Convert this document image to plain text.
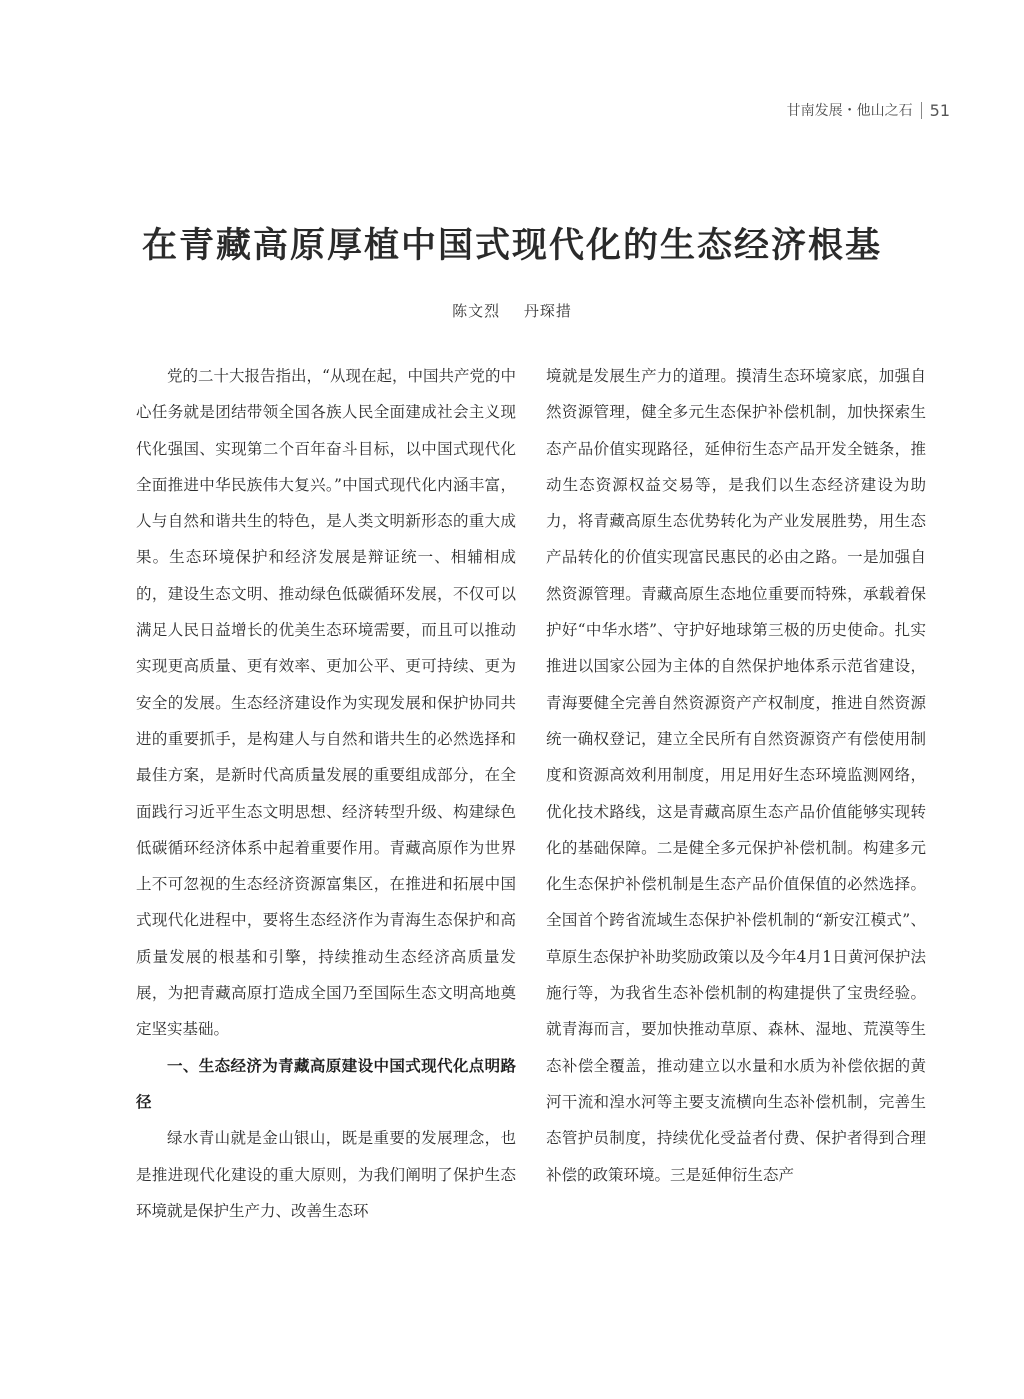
甘南发展・他山之石 51
在青藏高原厚植中国式现代化的生态经济根基
陈文烈 丹琛措

党的二十大报告指出，“从现在起，中国共产党的中心任务就是团结带领全国各族人民全面建成社会主义现代化强国、实现第二个百年奋斗目标，以中国式现代化全面推进中华民族伟大复兴。”中国式现代化内涵丰富，人与自然和谐共生的特色，是人类文明新形态的重大成果。生态环境保护和经济发展是辩证统一、相辅相成的，建设生态文明、推动绿色低碳循环发展，不仅可以满足人民日益增长的优美生态环境需要，而且可以推动实现更高质量、更有效率、更加公平、更可持续、更为安全的发展。生态经济建设作为实现发展和保护协同共进的重要抓手，是构建人与自然和谐共生的必然选择和最佳方案，是新时代高质量发展的重要组成部分，在全面践行习近平生态文明思想、经济转型升级、构建绿色低碳循环经济体系中起着重要作用。青藏高原作为世界上不可忽视的生态经济资源富集区，在推进和拓展中国式现代化进程中，要将生态经济作为青海生态保护和高质量发展的根基和引擎，持续推动生态经济高质量发展，为把青藏高原打造成全国乃至国际生态文明高地奠定坚实基础。

一、生态经济为青藏高原建设中国式现代化点明路径

绿水青山就是金山银山，既是重要的发展理念，也是推进现代化建设的重大原则，为我们阐明了保护生态环境就是保护生产力、改善生态环

境就是发展生产力的道理。摸清生态环境家底，加强自然资源管理，健全多元生态保护补偿机制，加快探索生态产品价值实现路径，延伸衍生态产品开发全链条，推动生态资源权益交易等，是我们以生态经济建设为助力，将青藏高原生态优势转化为产业发展胜势，用生态产品转化的价值实现富民惠民的必由之路。一是加强自然资源管理。青藏高原生态地位重要而特殊，承载着保护好“中华水塔”、守护好地球第三极的历史使命。扎实推进以国家公园为主体的自然保护地体系示范省建设，青海要健全完善自然资源资产产权制度，推进自然资源统一确权登记，建立全民所有自然资源资产有偿使用制度和资源高效利用制度，用足用好生态环境监测网络，优化技术路线，这是青藏高原生态产品价值能够实现转化的基础保障。二是健全多元保护补偿机制。构建多元化生态保护补偿机制是生态产品价值保值的必然选择。全国首个跨省流域生态保护补偿机制的“新安江模式”、草原生态保护补助奖励政策以及今年4月1日黄河保护法施行等，为我省生态补偿机制的构建提供了宝贵经验。就青海而言，要加快推动草原、森林、湿地、荒漠等生态补偿全覆盖，推动建立以水量和水质为补偿依据的黄河干流和湟水河等主要支流横向生态补偿机制，完善生态管护员制度，持续优化受益者付费、保护者得到合理补偿的政策环境。三是延伸衍生态产
